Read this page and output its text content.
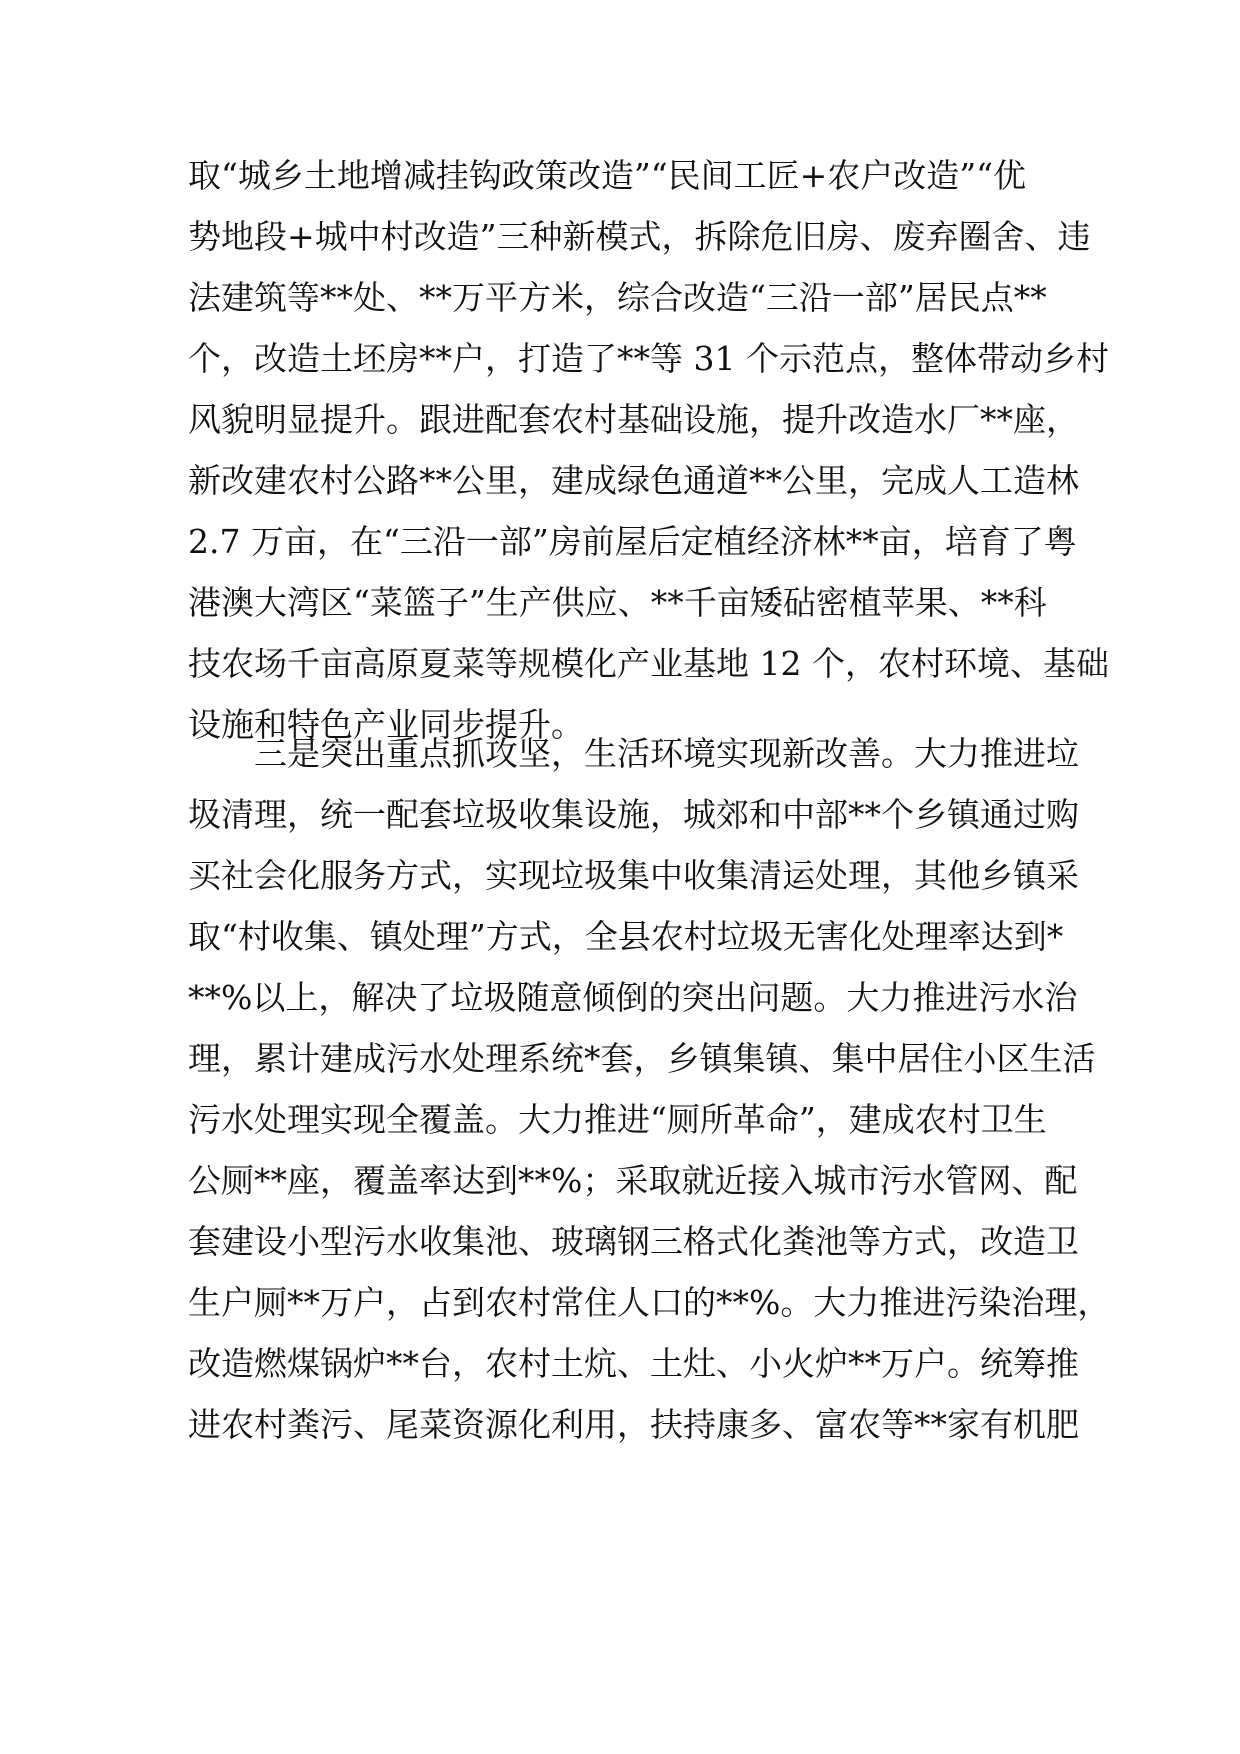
取“城乡土地增减挂钩政策改造”“民间工匠+农户改造”“优
势地段+城中村改造”三种新模式，拆除危旧房、废弃圈舍、违
法建筑等**处、**万平方米，综合改造“三沿一部”居民点**
个，改造土坯房**户，打造了**等 31 个示范点，整体带动乡村
风貌明显提升。跟进配套农村基础设施，提升改造水厂**座，
新改建农村公路**公里，建成绿色通道**公里，完成人工造林
2.7 万亩，在“三沿一部”房前屋后定植经济林**亩，培育了粤
港澳大湾区“菜篮子”生产供应、**千亩矮砧密植苹果、**科
技农场千亩高原夏菜等规模化产业基地 12 个，农村环境、基础
设施和特色产业同步提升。
三是突出重点抓攻坚，生活环境实现新改善。大力推进垃
圾清理，统一配套垃圾收集设施，城郊和中部**个乡镇通过购
买社会化服务方式，实现垃圾集中收集清运处理，其他乡镇采
取“村收集、镇处理”方式，全县农村垃圾无害化处理率达到*
**%以上，解决了垃圾随意倾倒的突出问题。大力推进污水治
理，累计建成污水处理系统*套，乡镇集镇、集中居住小区生活
污水处理实现全覆盖。大力推进“厕所革命”，建成农村卫生
公厕**座，覆盖率达到**%；采取就近接入城市污水管网、配
套建设小型污水收集池、玻璃钢三格式化粪池等方式，改造卫
生户厕**万户，占到农村常住人口的**%。大力推进污染治理，
改造燃煤锅炉**台，农村土炕、土灶、小火炉**万户。统筹推
进农村粪污、尾菜资源化利用，扶持康多、富农等**家有机肥
